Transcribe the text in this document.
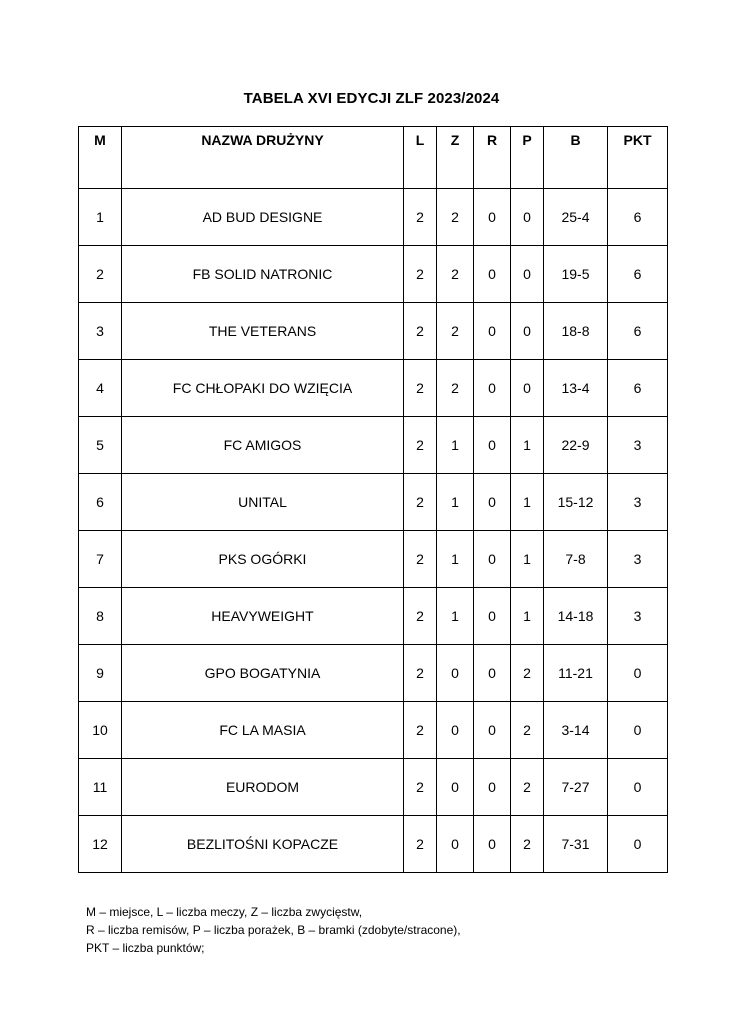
TABELA XVI EDYCJI ZLF 2023/2024
M	NAZWA DRUŻYNY	L	Z	R	P	B	PKT
1	AD BUD DESIGNE	2	2	0	0	25-4	6
2	FB SOLID NATRONIC	2	2	0	0	19-5	6
3	THE VETERANS	2	2	0	0	18-8	6
4	FC CHŁOPAKI DO WZIĘCIA	2	2	0	0	13-4	6
5	FC AMIGOS	2	1	0	1	22-9	3
6	UNITAL	2	1	0	1	15-12	3
7	PKS OGÓRKI	2	1	0	1	7-8	3
8	HEAVYWEIGHT	2	1	0	1	14-18	3
9	GPO BOGATYNIA	2	0	0	2	11-21	0
10	FC LA MASIA	2	0	0	2	3-14	0
11	EURODOM	2	0	0	2	7-27	0
12	BEZLITOŚNI KOPACZE	2	0	0	2	7-31	0
M – miejsce, L – liczba meczy, Z – liczba zwycięstw,
R – liczba remisów, P – liczba porażek, B – bramki (zdobyte/stracone),
PKT – liczba punktów;
